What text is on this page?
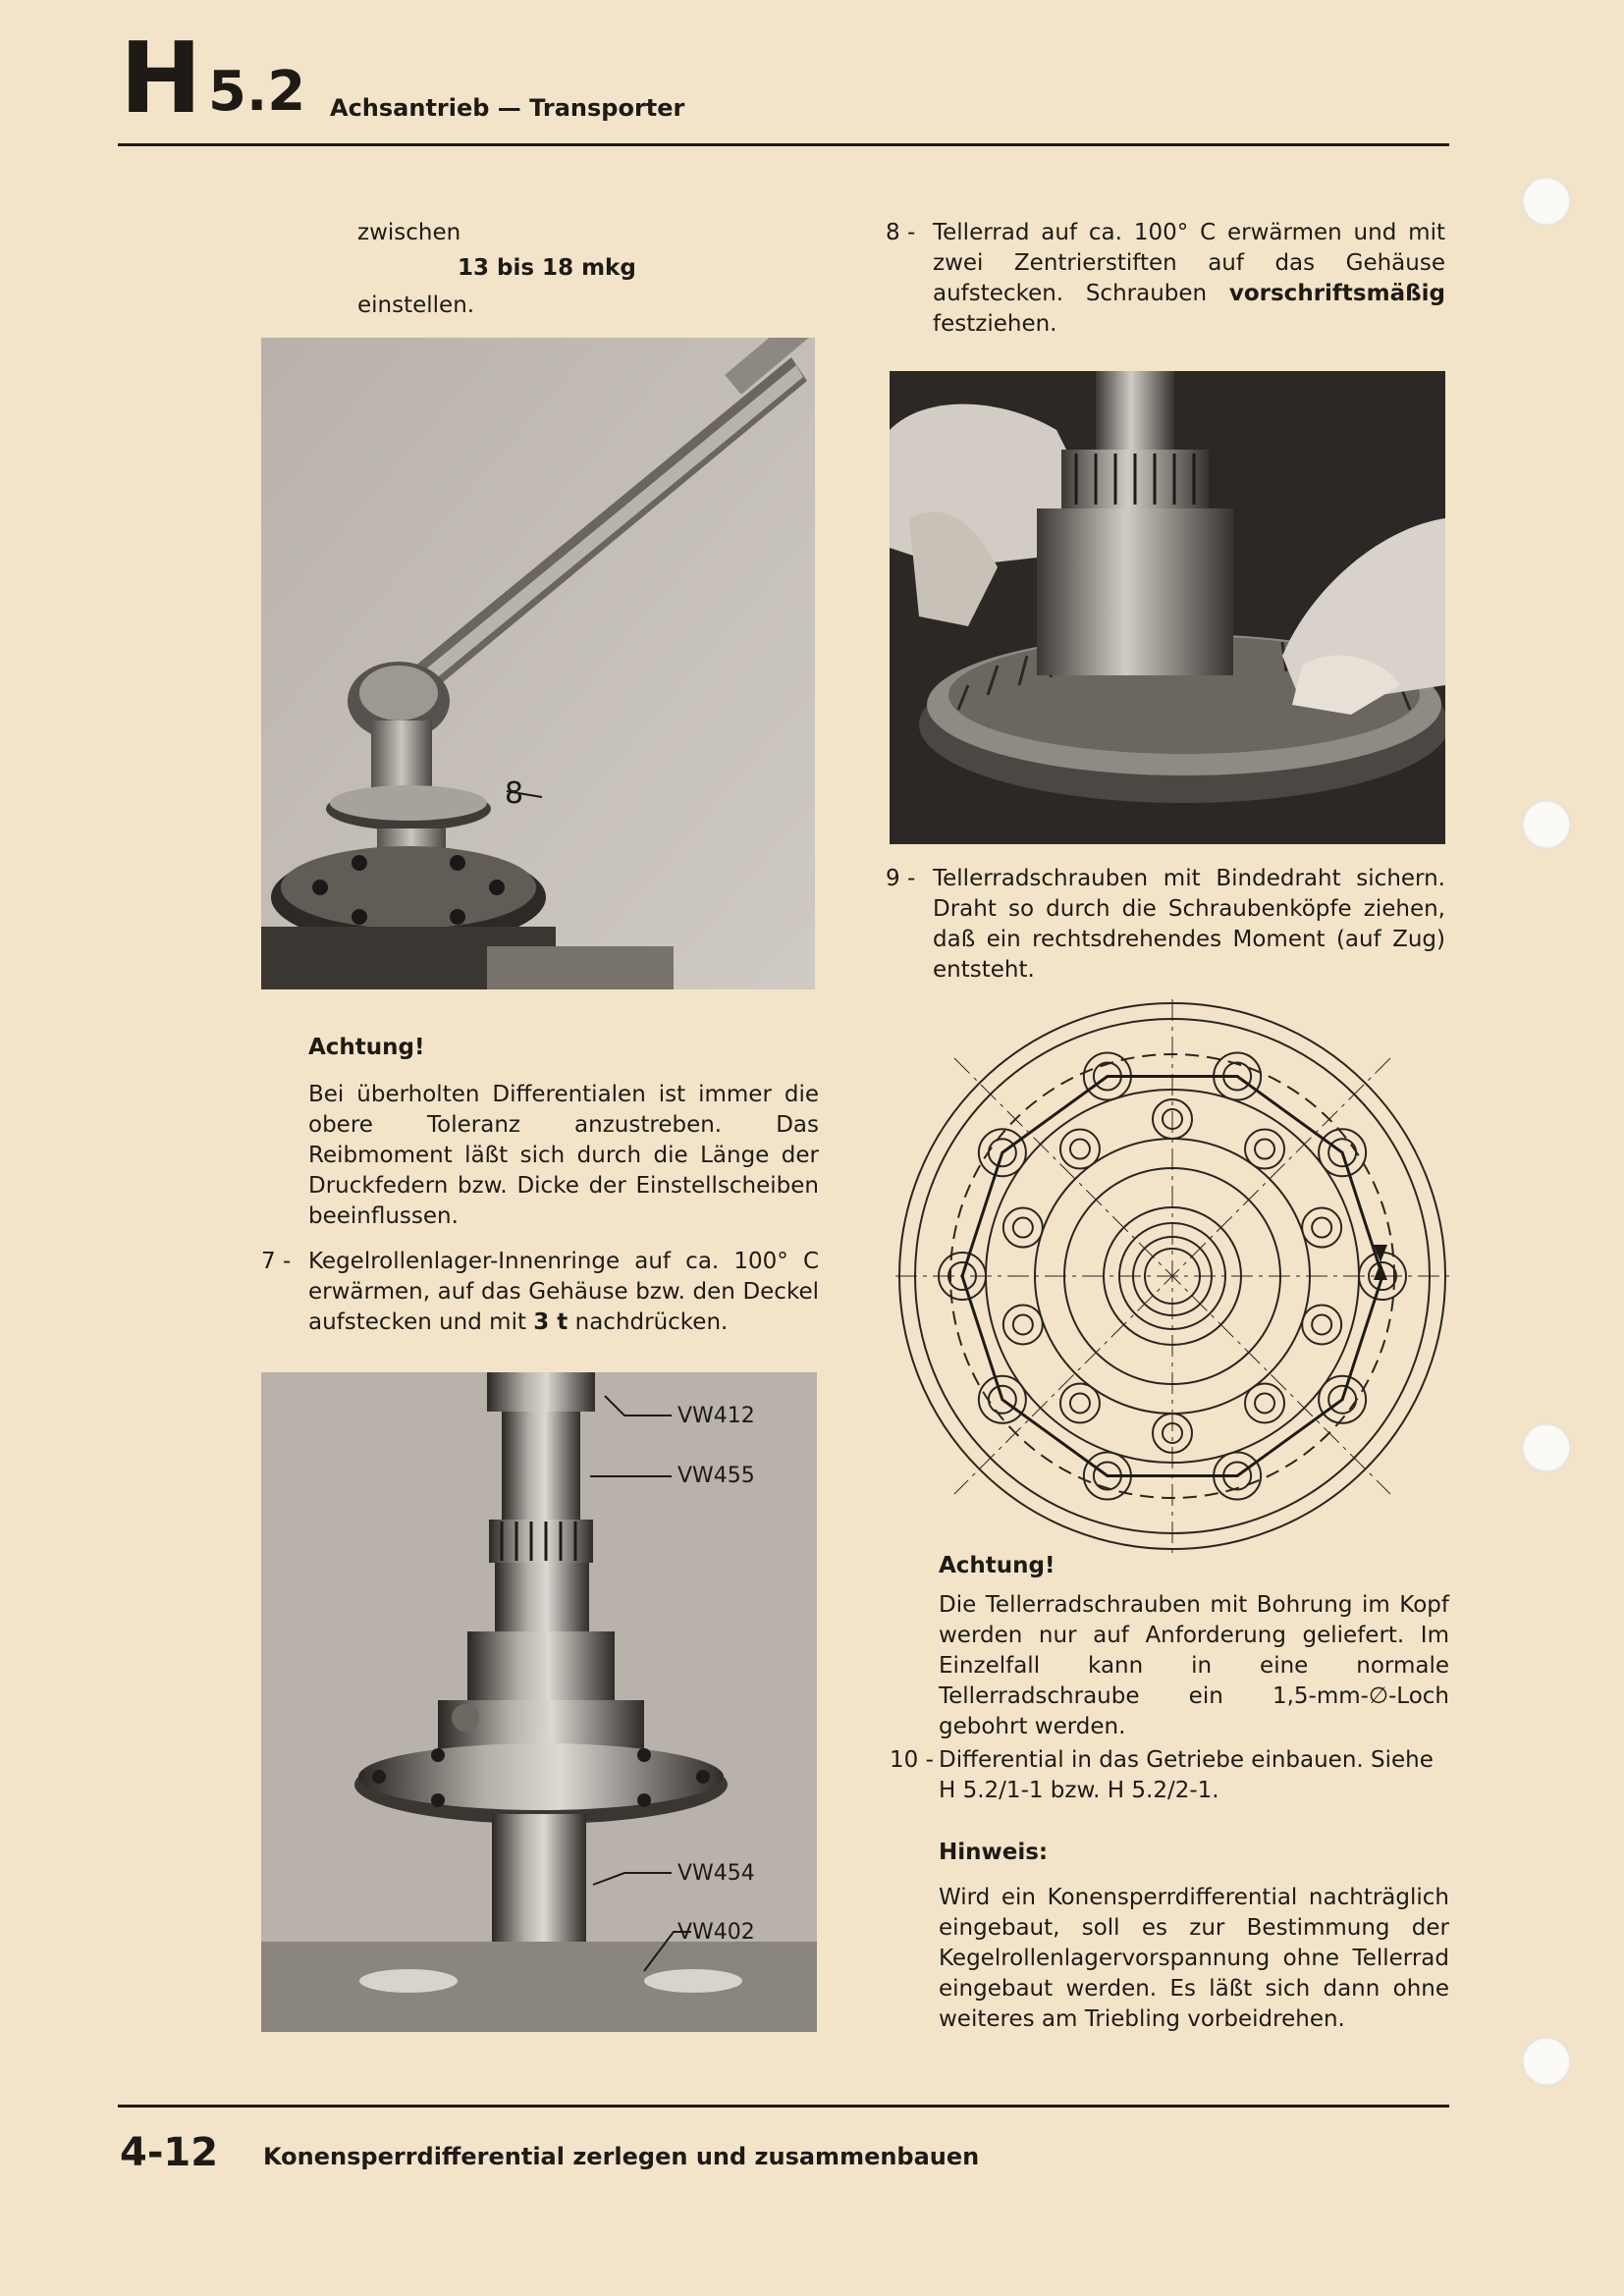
H 5.2 Achsantrieb — Transporter
zwischen
13 bis 18 mkg
einstellen.
8
Achtung!
Bei überholten Differentialen ist immer die obere Toleranz anzustreben. Das Reibmoment läßt sich durch die Länge der Druckfedern bzw. Dicke der Einstellscheiben beeinflussen.
7 - Kegelrollenlager-Innenringe auf ca. 100° C erwärmen, auf das Gehäuse bzw. den Deckel aufstecken und mit 3 t nachdrücken.
VW412
VW455
VW454
VW402
8 - Tellerrad auf ca. 100° C erwärmen und mit zwei Zentrierstiften auf das Gehäuse aufstecken. Schrauben vorschriftsmäßig festziehen.
9 - Tellerradschrauben mit Bindedraht sichern. Draht so durch die Schraubenköpfe ziehen, daß ein rechtsdrehendes Moment (auf Zug) entsteht.
Achtung!
Die Tellerradschrauben mit Bohrung im Kopf werden nur auf Anforderung geliefert. Im Einzelfall kann in eine normale Tellerradschraube ein 1,5-mm-∅-Loch gebohrt werden.
10 - Differential in das Getriebe einbauen. Siehe H 5.2/1-1 bzw. H 5.2/2-1.
Hinweis:
Wird ein Konensperrdifferential nachträglich eingebaut, soll es zur Bestimmung der Kegelrollenlagervorspannung ohne Tellerrad eingebaut werden. Es läßt sich dann ohne weiteres am Triebling vorbeidrehen.
4-12 Konensperrdifferential zerlegen und zusammenbauen
